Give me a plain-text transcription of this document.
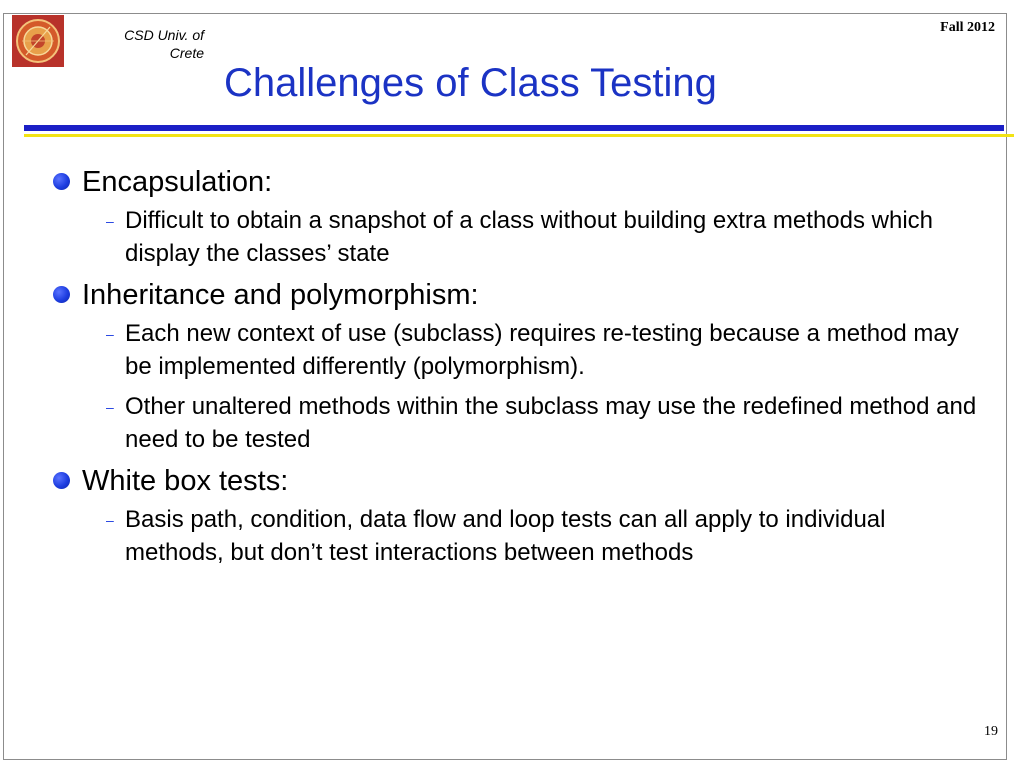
CSD Univ. of
Crete
Fall 2012
Challenges of Class Testing
Encapsulation:
– Difficult to obtain a snapshot of a class without building extra methods which display the classes’ state
Inheritance and polymorphism:
– Each new context of use (subclass) requires re-testing because a method may be implemented differently (polymorphism).
– Other unaltered methods within the subclass may use the redefined method and need to be tested
White box tests:
– Basis path, condition, data flow and loop tests can all apply to individual methods, but don’t test interactions between methods
19
